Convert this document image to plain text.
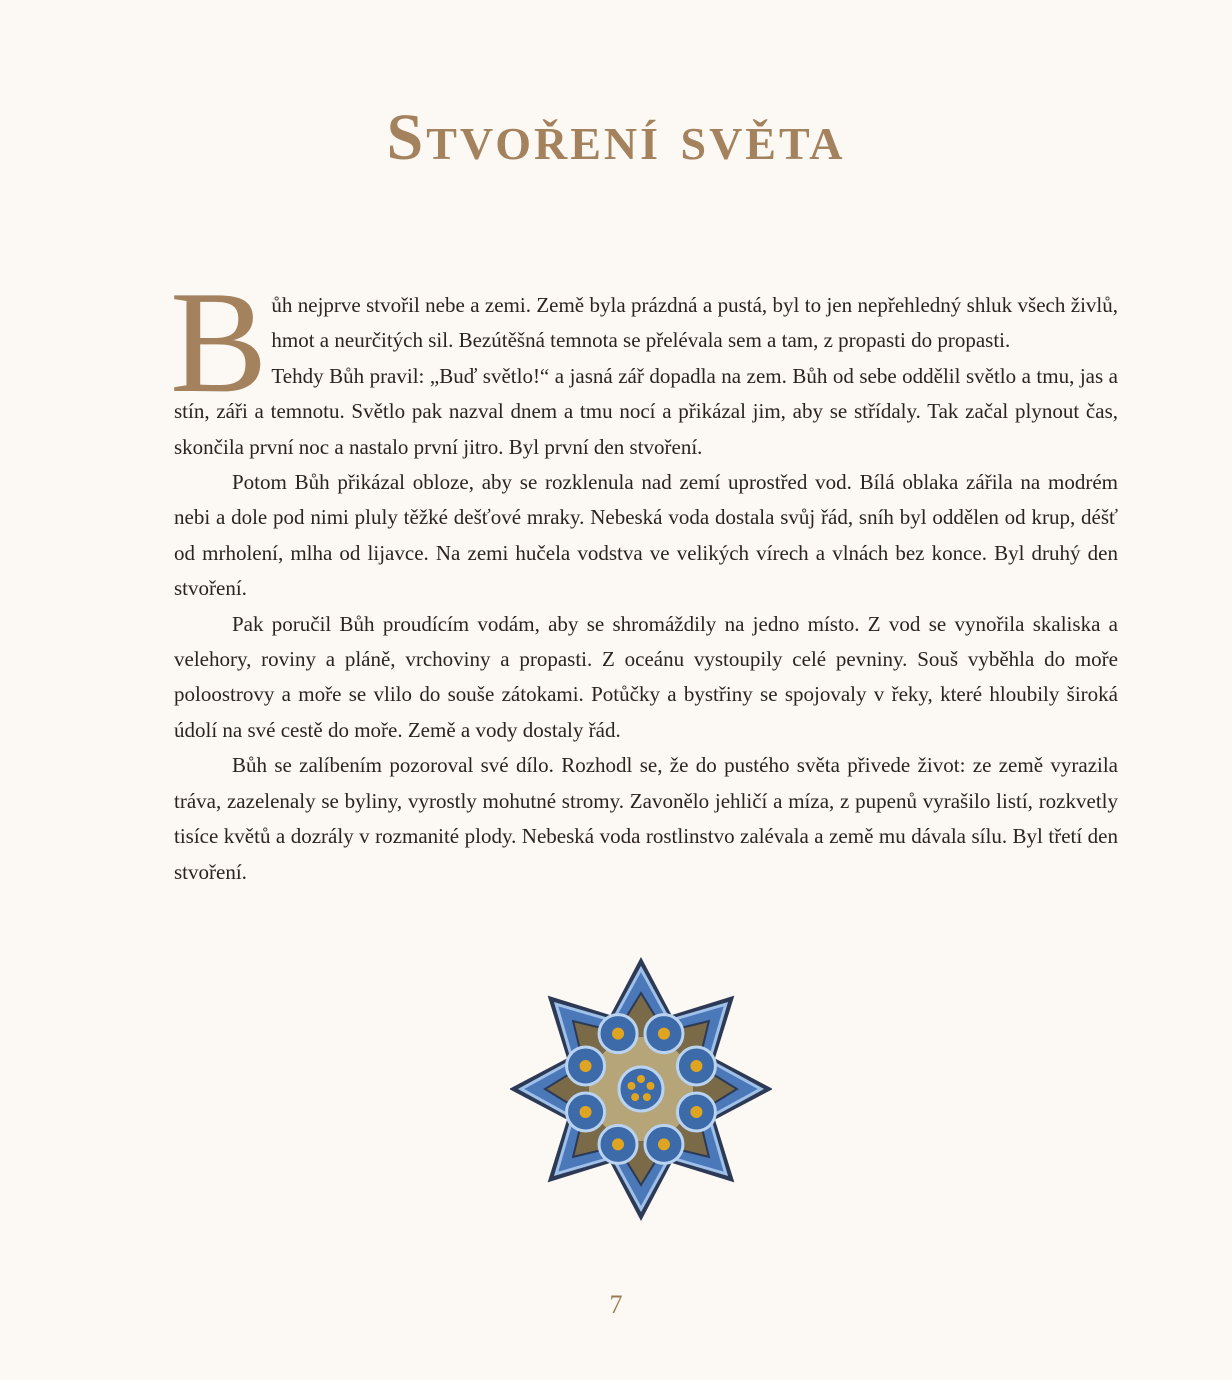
Stvoření světa

Bůh nejprve stvořil nebe a zemi. Země byla prázdná a pustá, byl to jen nepřehledný shluk všech živlů, hmot a neurčitých sil. Bezútěšná temnota se přelévala sem a tam, z propasti do propasti.

Tehdy Bůh pravil: „Buď světlo!“ a jasná zář dopadla na zem. Bůh od sebe oddělil světlo a tmu, jas a stín, záři a temnotu. Světlo pak nazval dnem a tmu nocí a přikázal jim, aby se střídaly. Tak začal plynout čas, skončila první noc a nastalo první jitro. Byl první den stvoření.

Potom Bůh přikázal obloze, aby se rozklenula nad zemí uprostřed vod. Bílá oblaka zářila na modrém nebi a dole pod nimi pluly těžké dešťové mraky. Nebeská voda dostala svůj řád, sníh byl oddělen od krup, déšť od mrholení, mlha od lijavce. Na zemi hučela vodstva ve velikých vírech a vlnách bez konce. Byl druhý den stvoření.

Pak poručil Bůh proudícím vodám, aby se shromáždily na jedno místo. Z vod se vynořila skaliska a velehory, roviny a pláně, vrchoviny a propasti. Z oceánu vystoupily celé pevniny. Souš vyběhla do moře poloostrovy a moře se vlilo do souše zátokami. Potůčky a bystřiny se spojovaly v řeky, které hloubily široká údolí na své cestě do moře. Země a vody dostaly řád.

Bůh se zalíbením pozoroval své dílo. Rozhodl se, že do pustého světa přivede život: ze země vyrazila tráva, zazelenaly se byliny, vyrostly mohutné stromy. Zavonělo jehličí a míza, z pupenů vyrašilo listí, rozkvetly tisíce květů a dozrály v rozmanité plody. Nebeská voda rostlinstvo zalévala a země mu dávala sílu. Byl třetí den stvoření.

7
